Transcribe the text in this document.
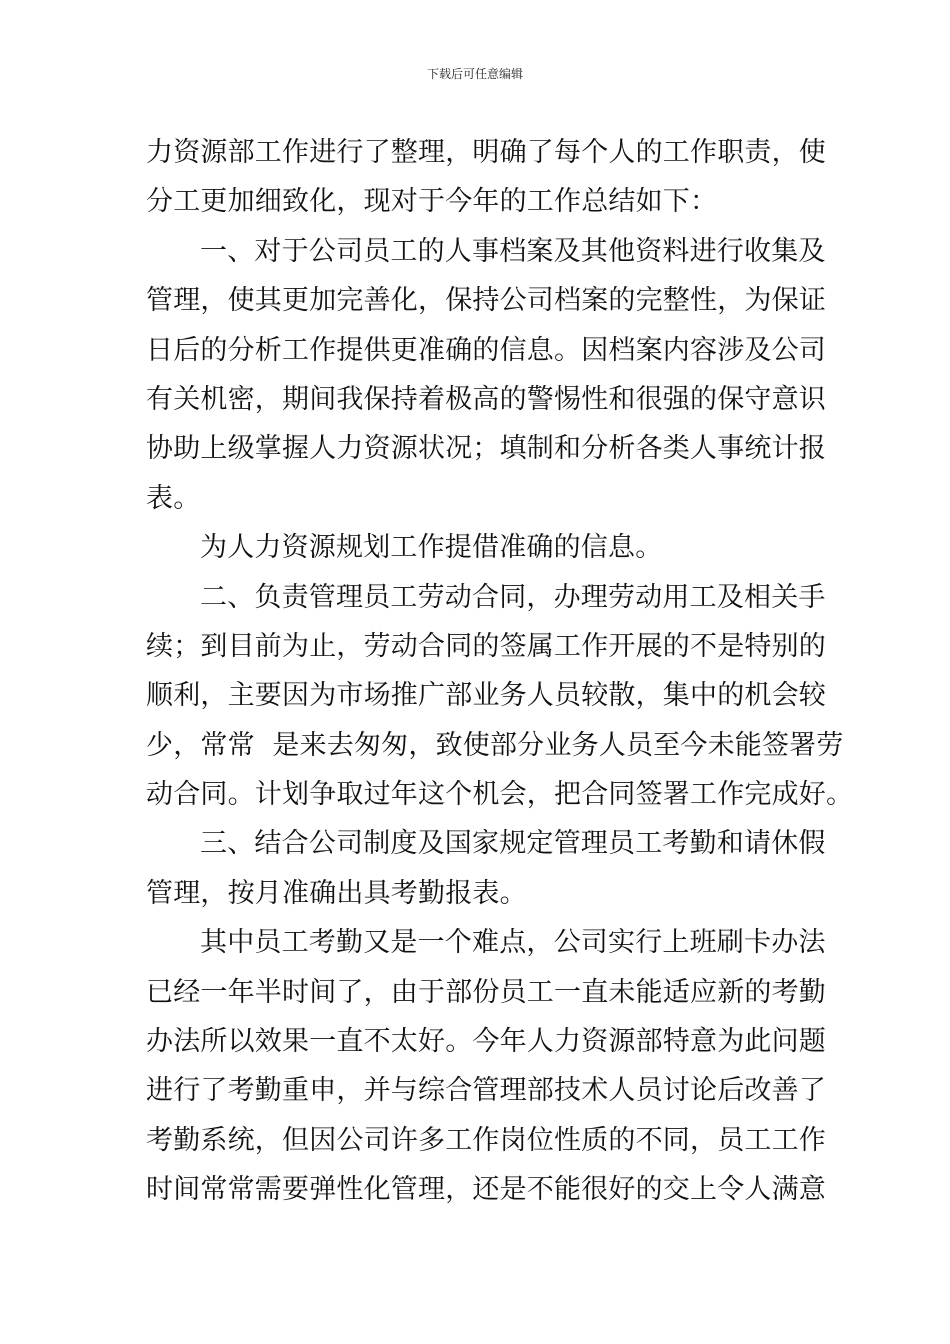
下载后可任意编辑
力资源部工作进行了整理，明确了每个人的工作职责，使
分工更加细致化，现对于今年的工作总结如下：
一、对于公司员工的人事档案及其他资料进行收集及
管理，使其更加完善化，保持公司档案的完整性，为保证
日后的分析工作提供更准确的信息。因档案内容涉及公司
有关机密，期间我保持着极高的警惕性和很强的保守意识
协助上级掌握人力资源状况；填制和分析各类人事统计报
表。
为人力资源规划工作提借准确的信息。
二、负责管理员工劳动合同，办理劳动用工及相关手
续；到目前为止，劳动合同的签属工作开展的不是特别的
顺利，主要因为市场推广部业务人员较散，集中的机会较
少，常常  是来去匆匆，致使部分业务人员至今未能签署劳
动合同。计划争取过年这个机会，把合同签署工作完成好。
三、结合公司制度及国家规定管理员工考勤和请休假
管理，按月准确出具考勤报表。
其中员工考勤又是一个难点，公司实行上班刷卡办法
已经一年半时间了，由于部份员工一直未能适应新的考勤
办法所以效果一直不太好。今年人力资源部特意为此问题
进行了考勤重申，并与综合管理部技术人员讨论后改善了
考勤系统，但因公司许多工作岗位性质的不同，员工工作
时间常常需要弹性化管理，还是不能很好的交上令人满意
